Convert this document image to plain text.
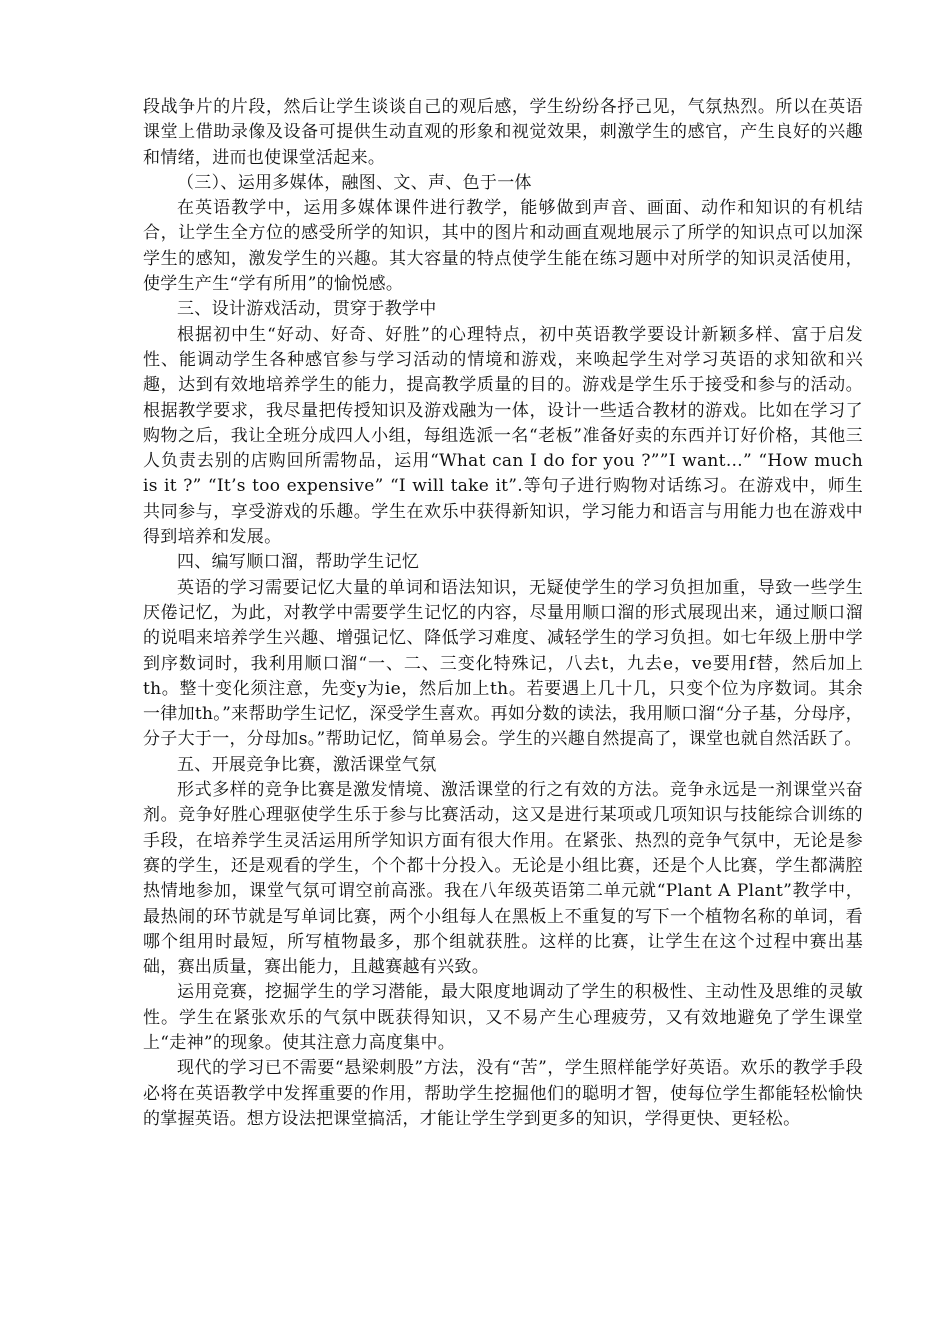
段战争片的片段，然后让学生谈谈自己的观后感，学生纷纷各抒己见，气氛热烈。所以在英语课堂上借助录像及设备可提供生动直观的形象和视觉效果，刺激学生的感官，产生良好的兴趣和情绪，进而也使课堂活起来。

（三）、运用多媒体，融图、文、声、色于一体

在英语教学中，运用多媒体课件进行教学，能够做到声音、画面、动作和知识的有机结合，让学生全方位的感受所学的知识，其中的图片和动画直观地展示了所学的知识点可以加深学生的感知，激发学生的兴趣。其大容量的特点使学生能在练习题中对所学的知识灵活使用，使学生产生“学有所用”的愉悦感。

三、设计游戏活动，贯穿于教学中

根据初中生“好动、好奇、好胜”的心理特点，初中英语教学要设计新颖多样、富于启发性、能调动学生各种感官参与学习活动的情境和游戏，来唤起学生对学习英语的求知欲和兴趣，达到有效地培养学生的能力，提高教学质量的目的。游戏是学生乐于接受和参与的活动。根据教学要求，我尽量把传授知识及游戏融为一体，设计一些适合教材的游戏。比如在学习了购物之后，我让全班分成四人小组，每组选派一名“老板”准备好卖的东西并订好价格，其他三人负责去别的店购回所需物品，运用“What can I do for you ?””I want…” “How much is it ?” “It’s too expensive” “I will take it”.等句子进行购物对话练习。在游戏中，师生共同参与，享受游戏的乐趣。学生在欢乐中获得新知识，学习能力和语言与用能力也在游戏中得到培养和发展。

四、编写顺口溜，帮助学生记忆

英语的学习需要记忆大量的单词和语法知识，无疑使学生的学习负担加重，导致一些学生厌倦记忆，为此，对教学中需要学生记忆的内容，尽量用顺口溜的形式展现出来，通过顺口溜的说唱来培养学生兴趣、增强记忆、降低学习难度、减轻学生的学习负担。如七年级上册中学到序数词时，我利用顺口溜“一、二、三变化特殊记，八去t，九去e，ve要用f替，然后加上th。整十变化须注意，先变y为ie，然后加上th。若要遇上几十几，只变个位为序数词。其余一律加th。”来帮助学生记忆，深受学生喜欢。再如分数的读法，我用顺口溜“分子基，分母序，分子大于一，分母加s。”帮助记忆，简单易会。学生的兴趣自然提高了，课堂也就自然活跃了。

五、开展竞争比赛，激活课堂气氛

形式多样的竞争比赛是激发情境、激活课堂的行之有效的方法。竞争永远是一剂课堂兴奋剂。竞争好胜心理驱使学生乐于参与比赛活动，这又是进行某项或几项知识与技能综合训练的手段，在培养学生灵活运用所学知识方面有很大作用。在紧张、热烈的竞争气氛中，无论是参赛的学生，还是观看的学生，个个都十分投入。无论是小组比赛，还是个人比赛，学生都满腔热情地参加，课堂气氛可谓空前高涨。我在八年级英语第二单元就“Plant A Plant”教学中，最热闹的环节就是写单词比赛，两个小组每人在黑板上不重复的写下一个植物名称的单词，看哪个组用时最短，所写植物最多，那个组就获胜。这样的比赛，让学生在这个过程中赛出基础，赛出质量，赛出能力，且越赛越有兴致。

运用竞赛，挖掘学生的学习潜能，最大限度地调动了学生的积极性、主动性及思维的灵敏性。学生在紧张欢乐的气氛中既获得知识，又不易产生心理疲劳，又有效地避免了学生课堂上“走神”的现象。使其注意力高度集中。

现代的学习已不需要“悬梁刺股”方法，没有“苦”，学生照样能学好英语。欢乐的教学手段必将在英语教学中发挥重要的作用，帮助学生挖掘他们的聪明才智，使每位学生都能轻松愉快的掌握英语。想方设法把课堂搞活，才能让学生学到更多的知识，学得更快、更轻松。
